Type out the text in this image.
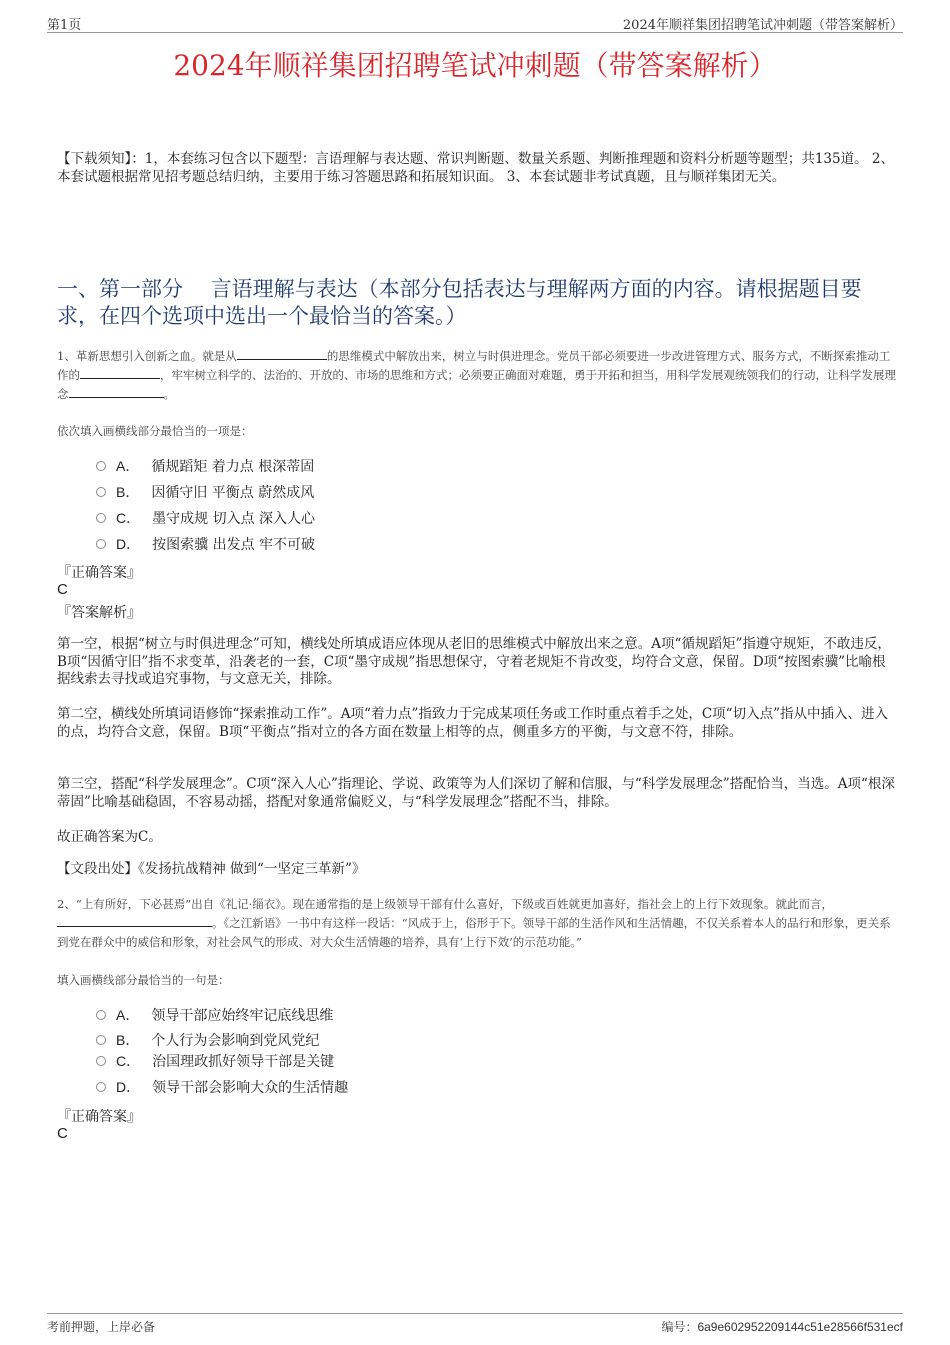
第1页	2024年顺祥集团招聘笔试冲刺题（带答案解析）
2024年顺祥集团招聘笔试冲刺题（带答案解析）
【下载须知】：1，本套练习包含以下题型：言语理解与表达题、常识判断题、数量关系题、判断推理题和资料分析题等题型；共135道。 2、本套试题根据常见招考题总结归纳，主要用于练习答题思路和拓展知识面。 3、本套试题非考试真题，且与顺祥集团无关。
一、第一部分　 言语理解与表达（本部分包括表达与理解两方面的内容。请根据题目要求，在四个选项中选出一个最恰当的答案。）
1、革新思想引入创新之血。就是从	的思维模式中解放出来，树立与时俱进理念。党员干部必须要进一步改进管理方式、服务方式，不断探索推动工作的	，牢牢树立科学的、法治的、开放的、市场的思维和方式；必须要正确面对难题，勇于开拓和担当，用科学发展观统领我们的行动，让科学发展理念	。
依次填入画横线部分最恰当的一项是：
A． 循规蹈矩 着力点 根深蒂固
B． 因循守旧 平衡点 蔚然成风
C． 墨守成规 切入点 深入人心
D． 按图索骥 出发点 牢不可破
『正确答案』
C
『答案解析』
第一空，根据“树立与时俱进理念”可知，横线处所填成语应体现从老旧的思维模式中解放出来之意。A项“循规蹈矩”指遵守规矩，不敢违反，B项“因循守旧”指不求变革，沿袭老的一套，C项“墨守成规”指思想保守，守着老规矩不肯改变，均符合文意，保留。D项“按图索骥”比喻根据线索去寻找或追究事物，与文意无关，排除。
第二空，横线处所填词语修饰“探索推动工作”。A项“着力点”指致力于完成某项任务或工作时重点着手之处，C项“切入点”指从中插入、进入的点，均符合文意，保留。B项“平衡点”指对立的各方面在数量上相等的点，侧重多方的平衡，与文意不符，排除。
第三空，搭配“科学发展理念”。C项“深入人心”指理论、学说、政策等为人们深切了解和信服，与“科学发展理念”搭配恰当，当选。A项“根深蒂固”比喻基础稳固，不容易动摇，搭配对象通常偏贬义，与“科学发展理念”搭配不当，排除。
故正确答案为C。
【文段出处】《发扬抗战精神 做到“一坚定三革新”》
2、“上有所好，下必甚焉”出自《礼记·缁衣》。现在通常指的是上级领导干部有什么喜好，下级或百姓就更加喜好，指社会上的上行下效现象。就此而言，。《之江新语》一书中有这样一段话：“风成于上，俗形于下。领导干部的生活作风和生活情趣，不仅关系着本人的品行和形象，更关系到党在群众中的威信和形象，对社会风气的形成、对大众生活情趣的培养，具有‘上行下效’的示范功能。”
填入画横线部分最恰当的一句是：
A． 领导干部应始终牢记底线思维
B． 个人行为会影响到党风党纪
C． 治国理政抓好领导干部是关键
D． 领导干部会影响大众的生活情趣
『正确答案』
C
考前押题，上岸必备	编号：6a9e602952209144c51e28566f531ecf
